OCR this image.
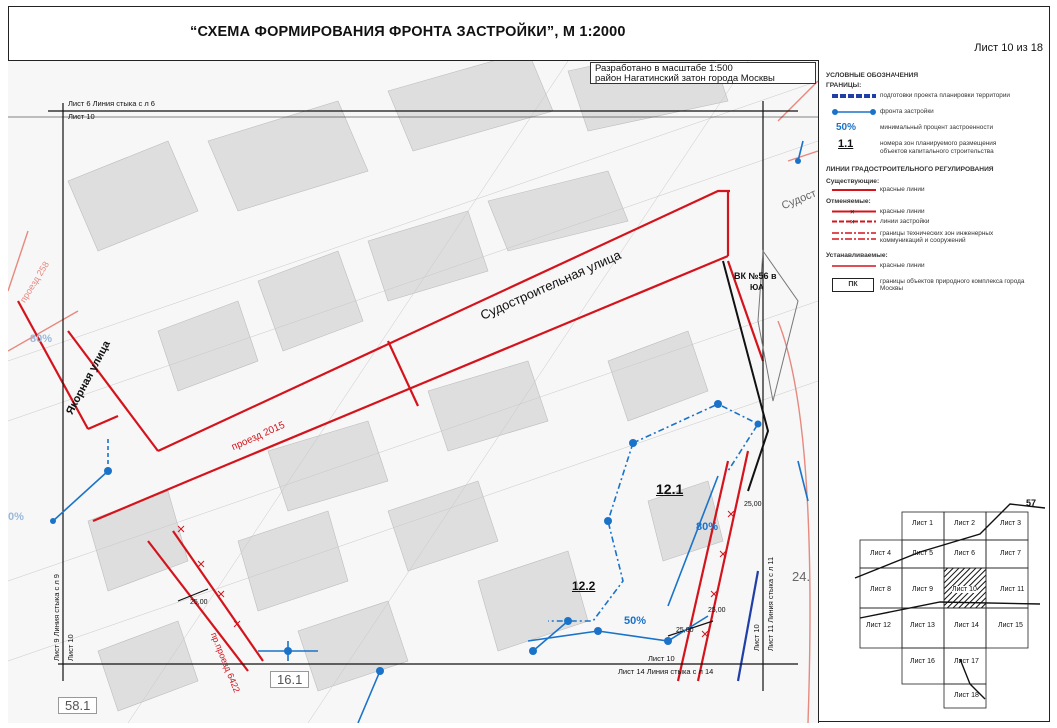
“СХЕМА ФОРМИРОВАНИЯ ФРОНТА ЗАСТРОЙКИ”, М 1:2000
Лист 10 из 18
Судостроительная улица
проезд 2015
проезд 258
пр.проезд 6422
Якорная улица
Судост
Лист 6 Линия стыка с л 6
Лист 10
Лист 9 Линия стыка с л 9 Лист 10	Лист 11 Линия стыка с л 11
Лист 10
Лист 10
Лист 14 Линия стыка с л 14
12.1
12.2
80%
50%
80%
0%
16.1
58.1
24.
25,00
25,00
25,00
25,00
ВК №56 в
ЮА
Разработано в масштабе 1:500
район Нагатинский затон города Москвы	УСЛОВНЫЕ ОБОЗНАЧЕНИЯ
ГРАНИЦЫ:
подготовки проекта планировки территории
фронта застройки
50%	минимальный процент застроенности
1.1	номера зон планируемого размещения
объектов капитального строительства
ЛИНИИ ГРАДОСТРОИТЕЛЬНОГО РЕГУЛИРОВАНИЯ
Существующие:
красные линии
Отменяемые:
×	красные линии
×	линии застройки
границы технических зон инженерных
коммуникаций и сооружений
Устанавливаемые:
красные линии
ПК	границы объектов природного комплекса города
Москвы
Лист 1	Лист 2	Лист 3
Лист 4	Лист 5	Лист 6	Лист 7
Лист 8	Лист 9	Лист 10	Лист 11
Лист 12	Лист 13	Лист 14	Лист 15
Лист 16	Лист 17
Лист 18
57
